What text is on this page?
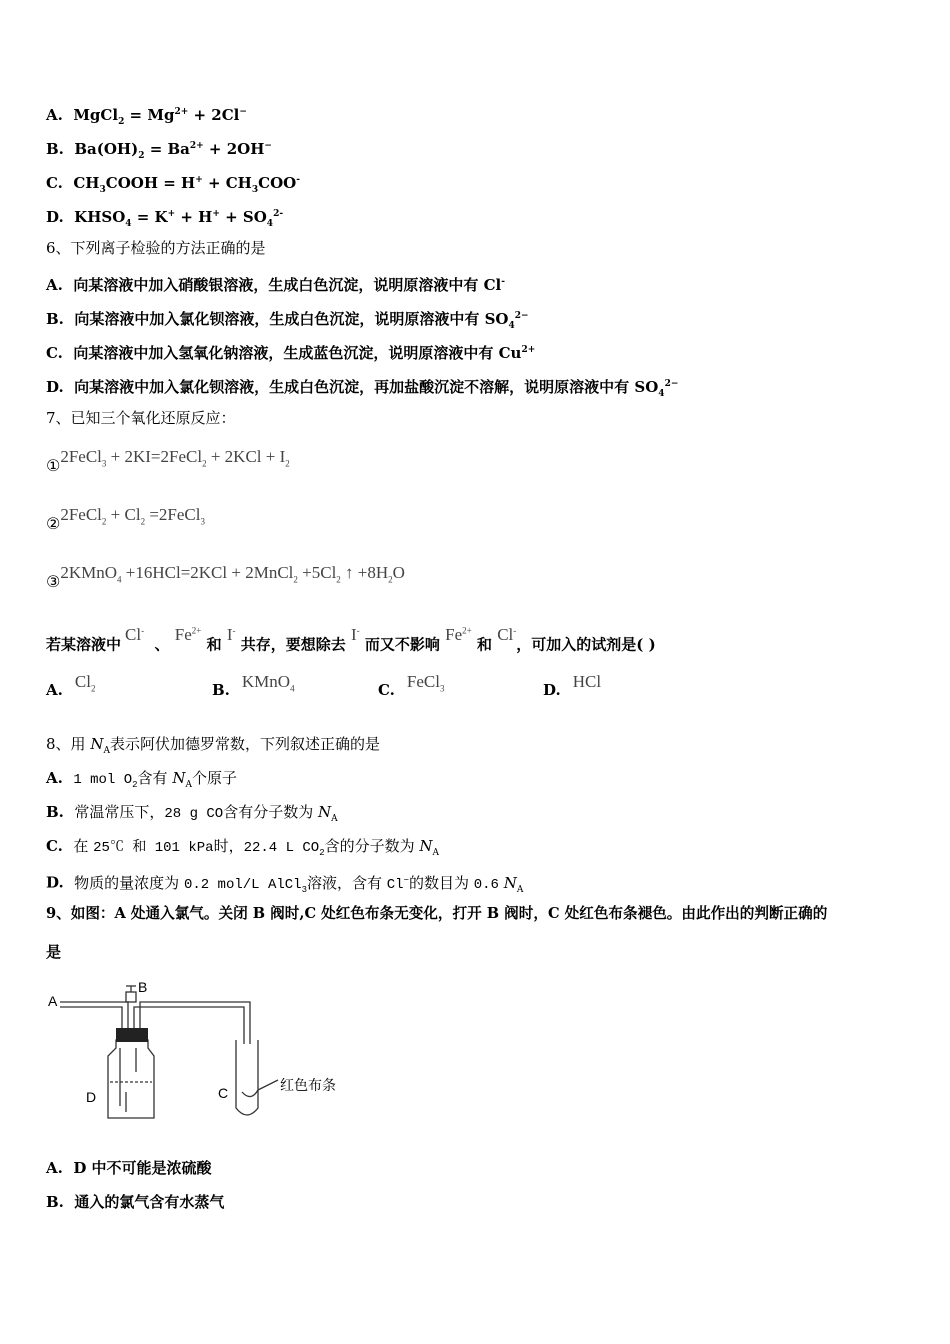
A. MgCl$_2$ = $Mg^{2+} + 2Cl^-$
B. $Ba(OH)_2 = Ba^{2+} + 2OH^-$
C. $CH_3COOH = H^+ + CH_3COO^-$
D. $KHSO_4 = K^+ + H^+ + SO_4^{2-}$
6、下列离子检验的方法正确的是
A. 向某溶液中加入硝酸银溶液，生成白色沉淀，说明原溶液中有 Cl-
B. 向某溶液中加入氯化钡溶液，生成白色沉淀，说明原溶液中有 $SO_4^{2-}$
C. 向某溶液中加入氢氧化钠溶液，生成蓝色沉淀，说明原溶液中有 $Cu^{2+}$
D. 向某溶液中加入氯化钡溶液，生成白色沉淀，再加盐酸沉淀不溶解，说明原溶液中有 $SO_4^{2-}$
7、已知三个氧化还原反应：
①2FeCl$_3$ + 2KI=2FeCl$_2$ + $2KCl + I_2$
②2FeCl$_2$ + $Cl_2$ =2FeCl$_3$
③2KMnO$_4$ +16HCl=2KCl + 2MnCl$_2$ $+5Cl_2$ ↑ $+8H_2O$
若某溶液中Cl-  、 $Fe^{2+}$ 和 I- 共存，要想除去 I- 而又不影响 $Fe^{2+}$ 和 Cl-，可加入的试剂是( )
A. $Cl_2$	B. KMnO$_4$	C. FeCl$_3$	D. HCl
8、用 $N_A$表示阿伏加德罗常数，下列叙述正确的是
A. 1 mol $O_2$含有 $N_A$个原子
B. 常温常压下，28 g CO含有分子数为 $N_A$
C. 在 25℃ 和 101 kPa时，22.4 L $CO_2$含的分子数为 $N_A$
D. 物质的量浓度为 0.2 mol/L AlCl$_3$溶液，含有 Cl−的数目为 0.6 $N_A$
9、如图：A 处通入氯气。关闭 B 阀时,C 处红色布条无变化，打开 B 阀时，C 处红色布条褪色。由此作出的判断正确的
是
A
B
D	C	红色布条
A. D 中不可能是浓硫酸
B. 通入的氯气含有水蒸气
